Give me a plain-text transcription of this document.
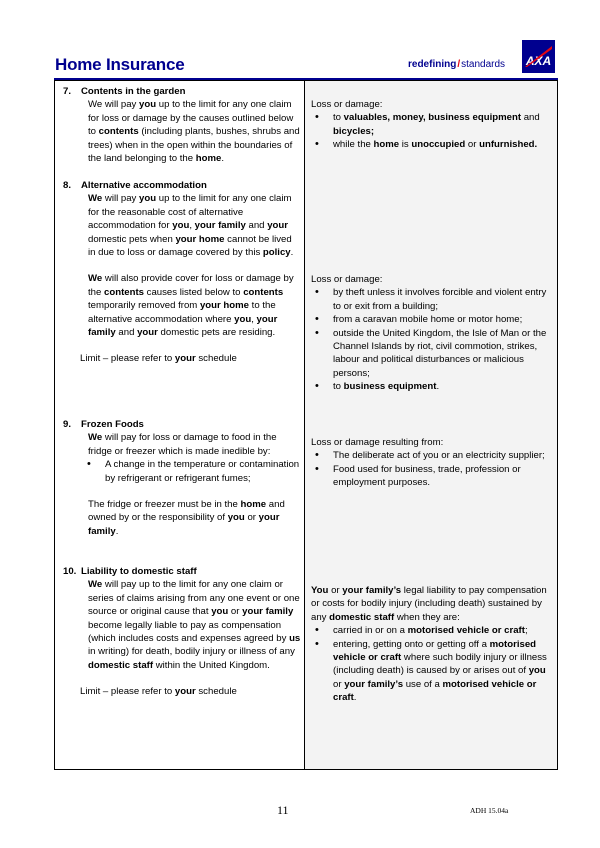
Home Insurance	redefining/standards AXA

7. Contents in the garden

We will pay you up to the limit for any one claim for loss or damage by the causes outlined below to contents (including plants, bushes, shrubs and trees) when in the open within the boundaries of the land belonging to the home.

Loss or damage:

• to valuables, money, business equipment and bicycles;
• while the home is unoccupied or unfurnished.

8. Alternative accommodation

We will pay you up to the limit for any one claim for the reasonable cost of alternative accommodation for you, your family and your domestic pets when your home cannot be lived in due to loss or damage covered by this policy.

We will also provide cover for loss or damage by the contents causes listed below to contents temporarily removed from your home to the alternative accommodation where you, your family and your domestic pets are residing.

Limit – please refer to your schedule

Loss or damage:

• by theft unless it involves forcible and violent entry to or exit from a building;
• from a caravan mobile home or motor home;
• outside the United Kingdom, the Isle of Man or the Channel Islands by riot, civil commotion, strikes, labour and political disturbances or malicious persons;
• to business equipment.

9. Frozen Foods

We will pay for loss or damage to food in the fridge or freezer which is made inedible by:

• A change in the temperature or contamination by refrigerant or refrigerant fumes;

The fridge or freezer must be in the home and owned by or the responsibility of you or your family.

Loss or damage resulting from:

• The deliberate act of you or an electricity supplier;
• Food used for business, trade, profession or employment purposes.

10. Liability to domestic staff

We will pay up to the limit for any one claim or series of claims arising from any one event or one source or original cause that you or your family become legally liable to pay as compensation (which includes costs and expenses agreed by us in writing) for death, bodily injury or illness of any domestic staff within the United Kingdom.

Limit – please refer to your schedule

You or your family’s legal liability to pay compensation or costs for bodily injury (including death) sustained by any domestic staff when they are:

• carried in or on a motorised vehicle or craft;
• entering, getting onto or getting off a motorised vehicle or craft where such bodily injury or illness (including death) is caused by or arises out of you or your family’s use of a motorised vehicle or craft.
11	ADH 15.04a
